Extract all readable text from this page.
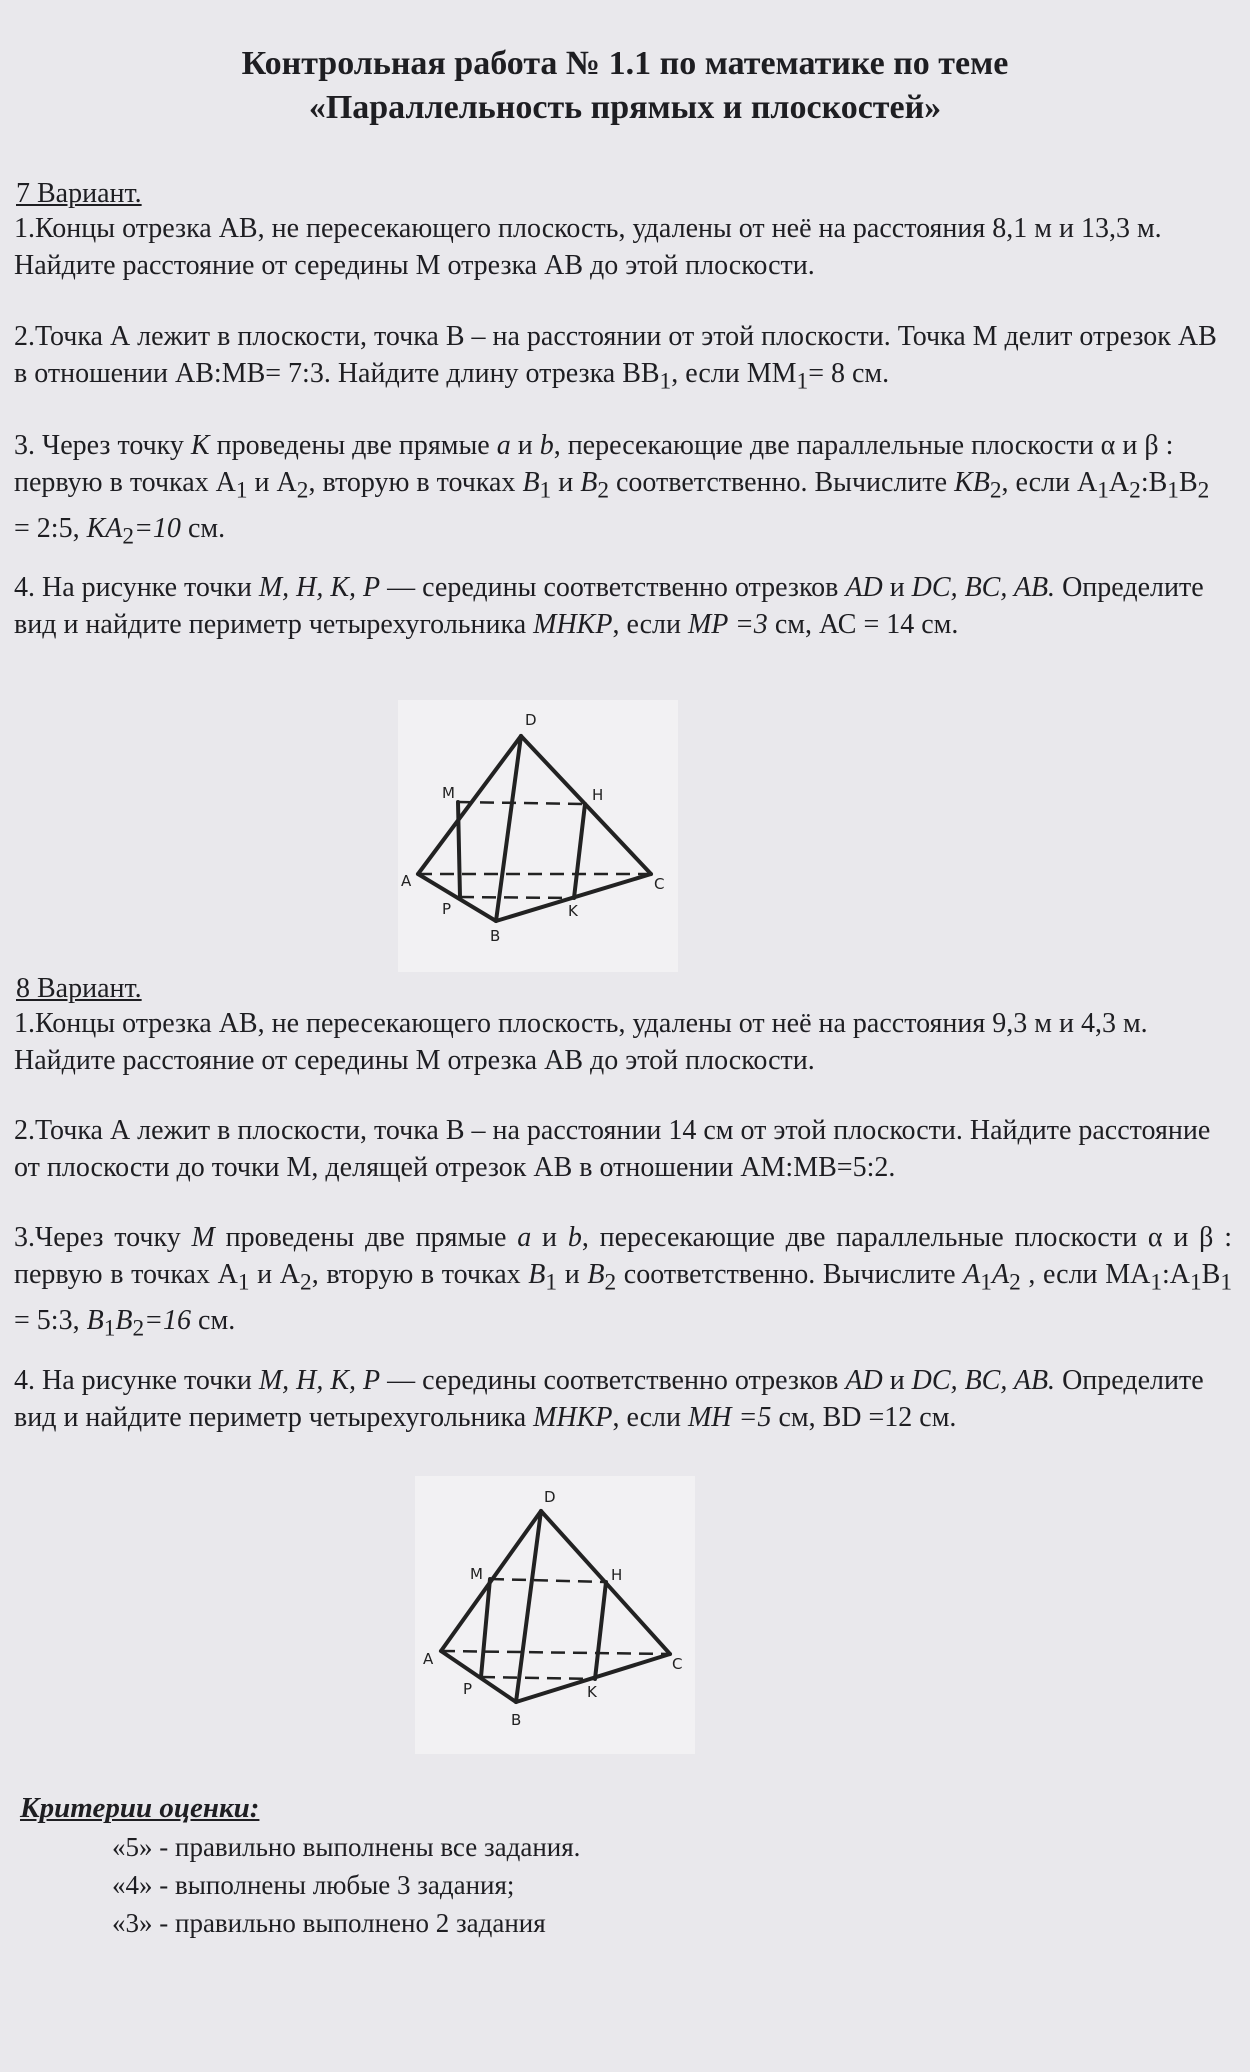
Контрольная работа № 1.1 по математике по теме
«Параллельность прямых и плоскостей»
7 Вариант.
1.Концы отрезка АВ, не пересекающего плоскость, удалены от неё на расстояния 8,1 м и 13,3 м. Найдите расстояние от середины М отрезка АВ до этой плоскости.
2.Точка А лежит в плоскости, точка В – на расстоянии от этой плоскости. Точка М делит отрезок АВ в отношении АВ:МВ= 7:3. Найдите длину отрезка $ВВ_1$, если $ММ_1= 8$ см.
3. Через точку K проведены две прямые a и b, пересекающие две параллельные плоскости α и β : первую в точках $А_1$ и $А_2$, вторую в точках $B_1$ и $B_2$ соответственно. Вычислите $KB_2$, если $А_1А_2:В_1В_2$ = 2:5, $KA_2=10$ см.
4. На рисунке точки M, H, K, P — середины соответственно отрезков AD и DC, BC, AB. Определите вид и найдите периметр четырехугольника MHKP, если MP =3 см, АС = 14 см.
D
M	H
A	C
P	K
B
8 Вариант.
1.Концы отрезка АВ, не пересекающего плоскость, удалены от неё на расстояния 9,3 м и 4,3 м. Найдите расстояние от середины М отрезка АВ до этой плоскости.
2.Точка А лежит в плоскости, точка В – на расстоянии 14 см от этой плоскости. Найдите расстояние от плоскости до точки М, делящей отрезок АВ в отношении АМ:МВ=5:2.
3.Через точку M проведены две прямые a и b, пересекающие две параллельные плоскости α и β : первую в точках $А_1$ и $А_2$, вторую в точках $B_1$ и $B_2$ соответственно. Вычислите $A_1A_2$ , если $МА_1:А_1В_1$ = 5:3, $B_1B_2=16$ см.
4. На рисунке точки M, H, K, P — середины соответственно отрезков AD и DC, BC, AB. Определите вид и найдите периметр четырехугольника MHKP, если MH =5 см, BD =12 см.
D
M	H
A	C
P	K
B
Критерии оценки:
«5» - правильно выполнены все задания.
«4» - выполнены любые 3 задания;
«3» - правильно выполнено 2 задания
